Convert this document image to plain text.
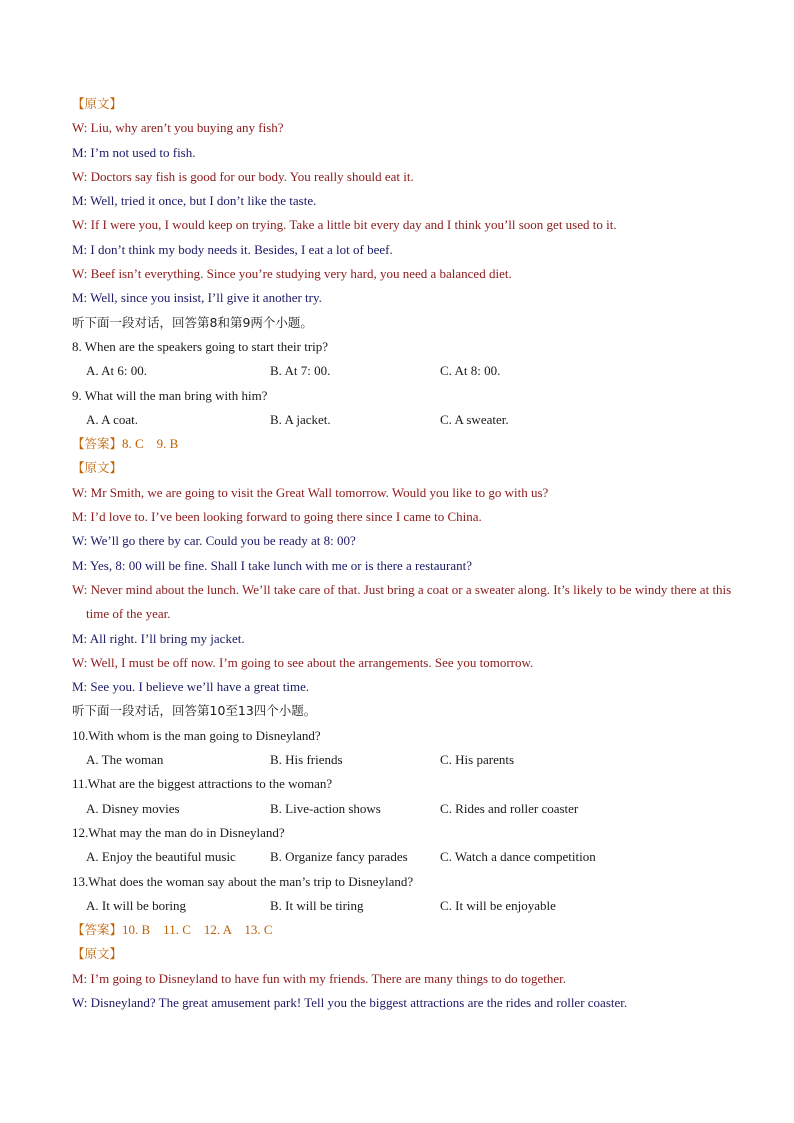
【原文】
W: Liu, why aren’t you buying any fish?
M: I’m not used to fish.
W: Doctors say fish is good for our body. You really should eat it.
M: Well, tried it once, but I don’t like the taste.
W: If I were you, I would keep on trying. Take a little bit every day and I think you’ll soon get used to it.
M: I don’t think my body needs it. Besides, I eat a lot of beef.
W: Beef isn’t everything. Since you’re studying very hard, you need a balanced diet.
M: Well, since you insist, I’ll give it another try.
听下面一段对话，回答第8和第9两个小题。
8. When are the speakers going to start their trip?
A. At 6: 00.	B. At 7: 00.	C. At 8: 00.
9. What will the man bring with him?
A. A coat.	B. A jacket.	C. A sweater.
【答案】8. C    9. B
【原文】
W: Mr Smith, we are going to visit the Great Wall tomorrow. Would you like to go with us?
M: I’d love to. I’ve been looking forward to going there since I came to China.
W: We’ll go there by car. Could you be ready at 8: 00?
M: Yes, 8: 00 will be fine. Shall I take lunch with me or is there a restaurant?
W: Never mind about the lunch. We’ll take care of that. Just bring a coat or a sweater along. It’s likely to be windy there at this time of the year.
M: All right. I’ll bring my jacket.
W: Well, I must be off now. I’m going to see about the arrangements. See you tomorrow.
M: See you. I believe we’ll have a great time.
听下面一段对话，回答第10至13四个小题。
10.With whom is the man going to Disneyland?
A. The woman	B. His friends	C. His parents
11.What are the biggest attractions to the woman?
A. Disney movies	B. Live-action shows	C. Rides and roller coaster
12.What may the man do in Disneyland?
A. Enjoy the beautiful music	B. Organize fancy parades C. Watch a dance competition
13.What does the woman say about the man’s trip to Disneyland?
A. It will be boring	B. It will be tiring	C. It will be enjoyable
【答案】10. B    11. C    12. A    13. C
【原文】
M: I’m going to Disneyland to have fun with my friends. There are many things to do together.
W: Disneyland? The great amusement park! Tell you the biggest attractions are the rides and roller coaster.
